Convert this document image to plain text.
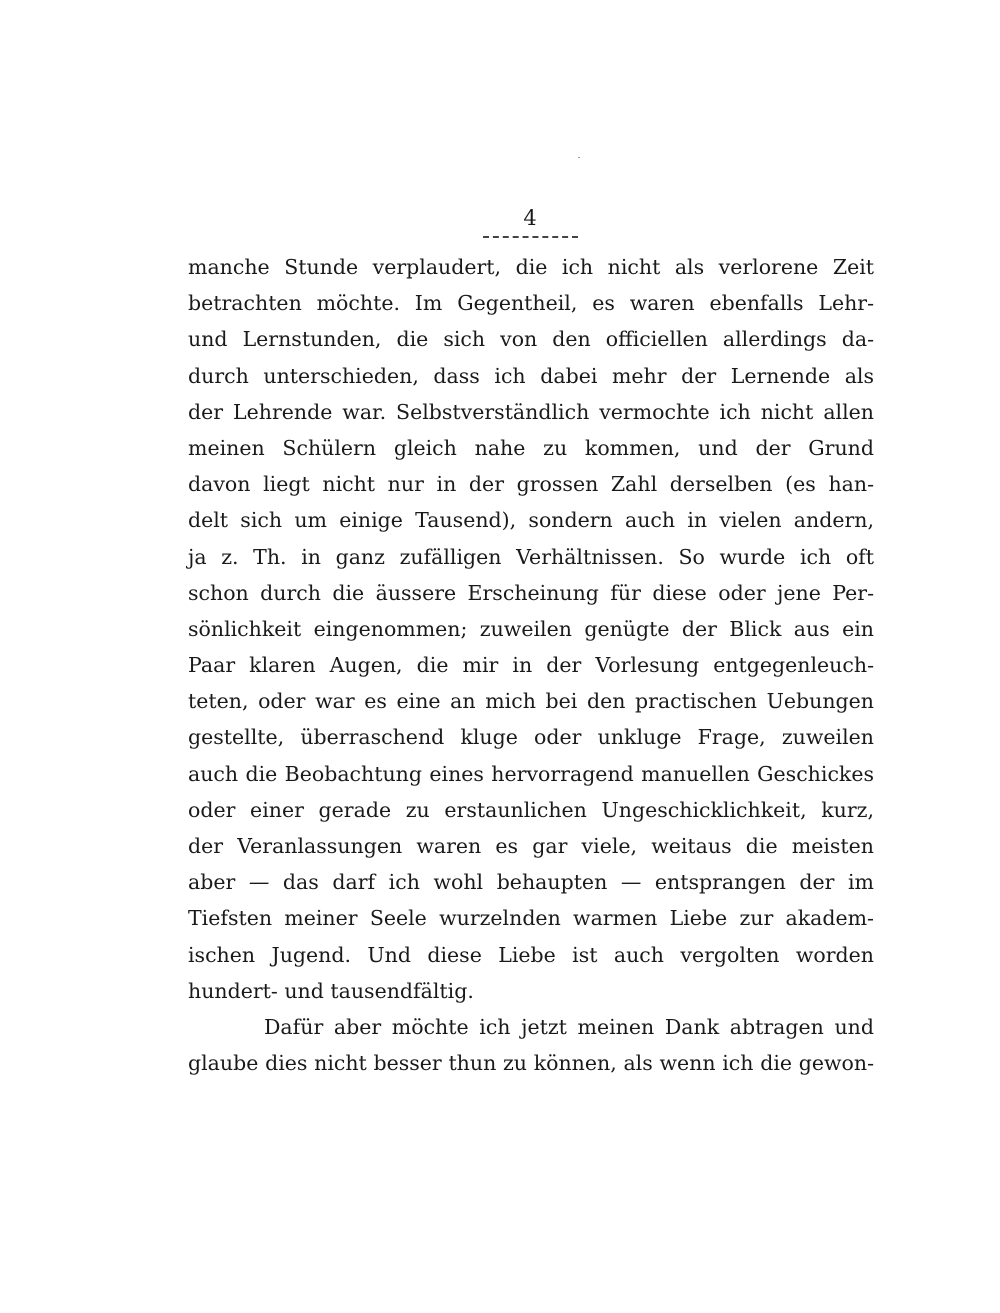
4
manche Stunde verplaudert, die ich nicht als verlorene Zeit
betrachten möchte. Im Gegentheil, es waren ebenfalls Lehr-
und Lernstunden, die sich von den officiellen allerdings da-
durch unterschieden, dass ich dabei mehr der Lernende als
der Lehrende war. Selbstverständlich vermochte ich nicht allen
meinen Schülern gleich nahe zu kommen, und der Grund
davon liegt nicht nur in der grossen Zahl derselben (es han-
delt sich um einige Tausend), sondern auch in vielen andern,
ja z. Th. in ganz zufälligen Verhältnissen. So wurde ich oft
schon durch die äussere Erscheinung für diese oder jene Per-
sönlichkeit eingenommen; zuweilen genügte der Blick aus ein
Paar klaren Augen, die mir in der Vorlesung entgegenleuch-
teten, oder war es eine an mich bei den practischen Uebungen
gestellte, überraschend kluge oder unkluge Frage, zuweilen
auch die Beobachtung eines hervorragend manuellen Geschickes
oder einer gerade zu erstaunlichen Ungeschicklichkeit, kurz,
der Veranlassungen waren es gar viele, weitaus die meisten
aber — das darf ich wohl behaupten — entsprangen der im
Tiefsten meiner Seele wurzelnden warmen Liebe zur akadem-
ischen Jugend. Und diese Liebe ist auch vergolten worden
hundert- und tausendfältig.
Dafür aber möchte ich jetzt meinen Dank abtragen und
glaube dies nicht besser thun zu können, als wenn ich die gewon-
